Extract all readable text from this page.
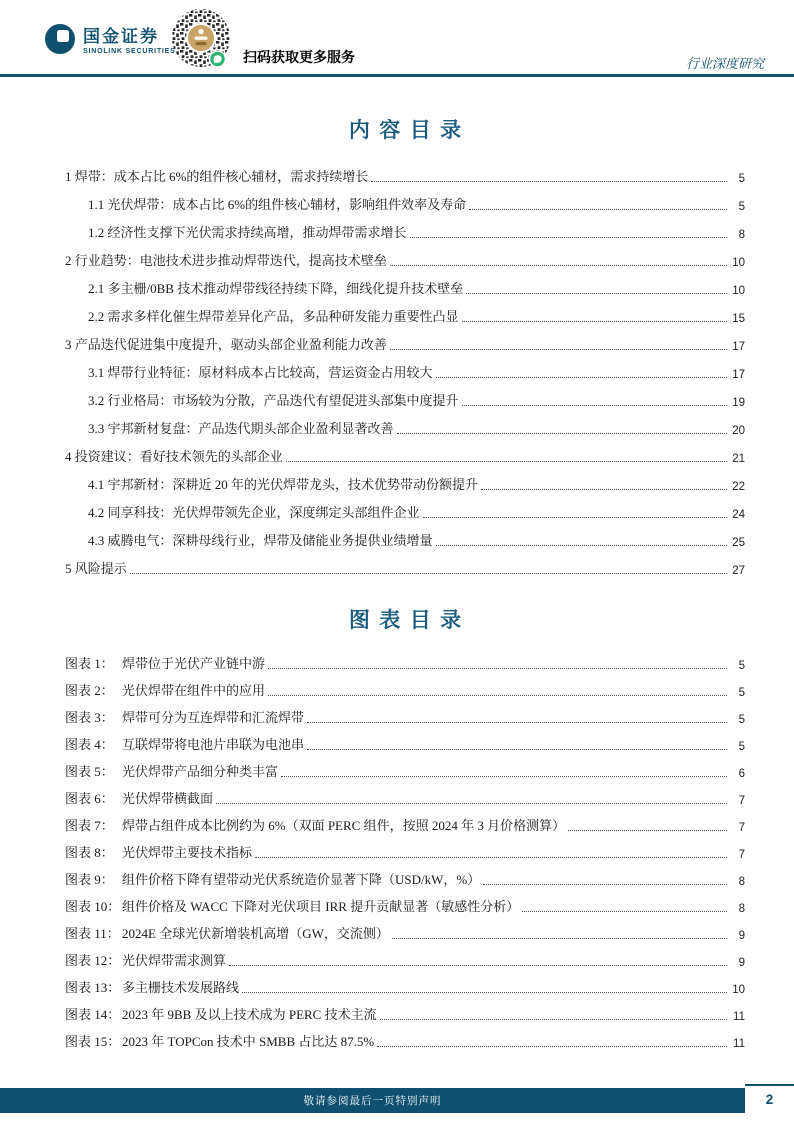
国金证券
SINOLINK SECURITIES	扫码获取更多服务	行业深度研究
内容目录
1 焊带：成本占比 6%的组件核心辅材，需求持续增长	5
1.1 光伏焊带：成本占比 6%的组件核心辅材，影响组件效率及寿命	5
1.2 经济性支撑下光伏需求持续高增，推动焊带需求增长	8
2 行业趋势：电池技术进步推动焊带迭代，提高技术壁垒	10
2.1 多主栅/0BB 技术推动焊带线径持续下降，细线化提升技术壁垒	10
2.2 需求多样化催生焊带差异化产品，多品种研发能力重要性凸显	15
3 产品迭代促进集中度提升，驱动头部企业盈利能力改善	17
3.1 焊带行业特征：原材料成本占比较高，营运资金占用较大	17
3.2 行业格局：市场较为分散，产品迭代有望促进头部集中度提升	19
3.3 宇邦新材复盘：产品迭代期头部企业盈利显著改善	20
4 投资建议：看好技术领先的头部企业	21
4.1 宇邦新材：深耕近 20 年的光伏焊带龙头，技术优势带动份额提升	22
4.2 同享科技：光伏焊带领先企业，深度绑定头部组件企业	24
4.3 威腾电气：深耕母线行业，焊带及储能业务提供业绩增量	25
5 风险提示	27
图表目录
图表 1： 焊带位于光伏产业链中游	5
图表 2： 光伏焊带在组件中的应用	5
图表 3： 焊带可分为互连焊带和汇流焊带	5
图表 4： 互联焊带将电池片串联为电池串	5
图表 5： 光伏焊带产品细分种类丰富	6
图表 6： 光伏焊带横截面	7
图表 7： 焊带占组件成本比例约为 6%（双面 PERC 组件，按照 2024 年 3 月价格测算）	7
图表 8： 光伏焊带主要技术指标	7
图表 9： 组件价格下降有望带动光伏系统造价显著下降（USD/kW，%）	8
图表 10： 组件价格及 WACC 下降对光伏项目 IRR 提升贡献显著（敏感性分析）	8
图表 11： 2024E 全球光伏新增装机高增（GW，交流侧）	9
图表 12： 光伏焊带需求测算	9
图表 13： 多主栅技术发展路线	10
图表 14： 2023 年 9BB 及以上技术成为 PERC 技术主流	11
图表 15： 2023 年 TOPCon 技术中 SMBB 占比达 87.5%	11
敬请参阅最后一页特别声明	2
